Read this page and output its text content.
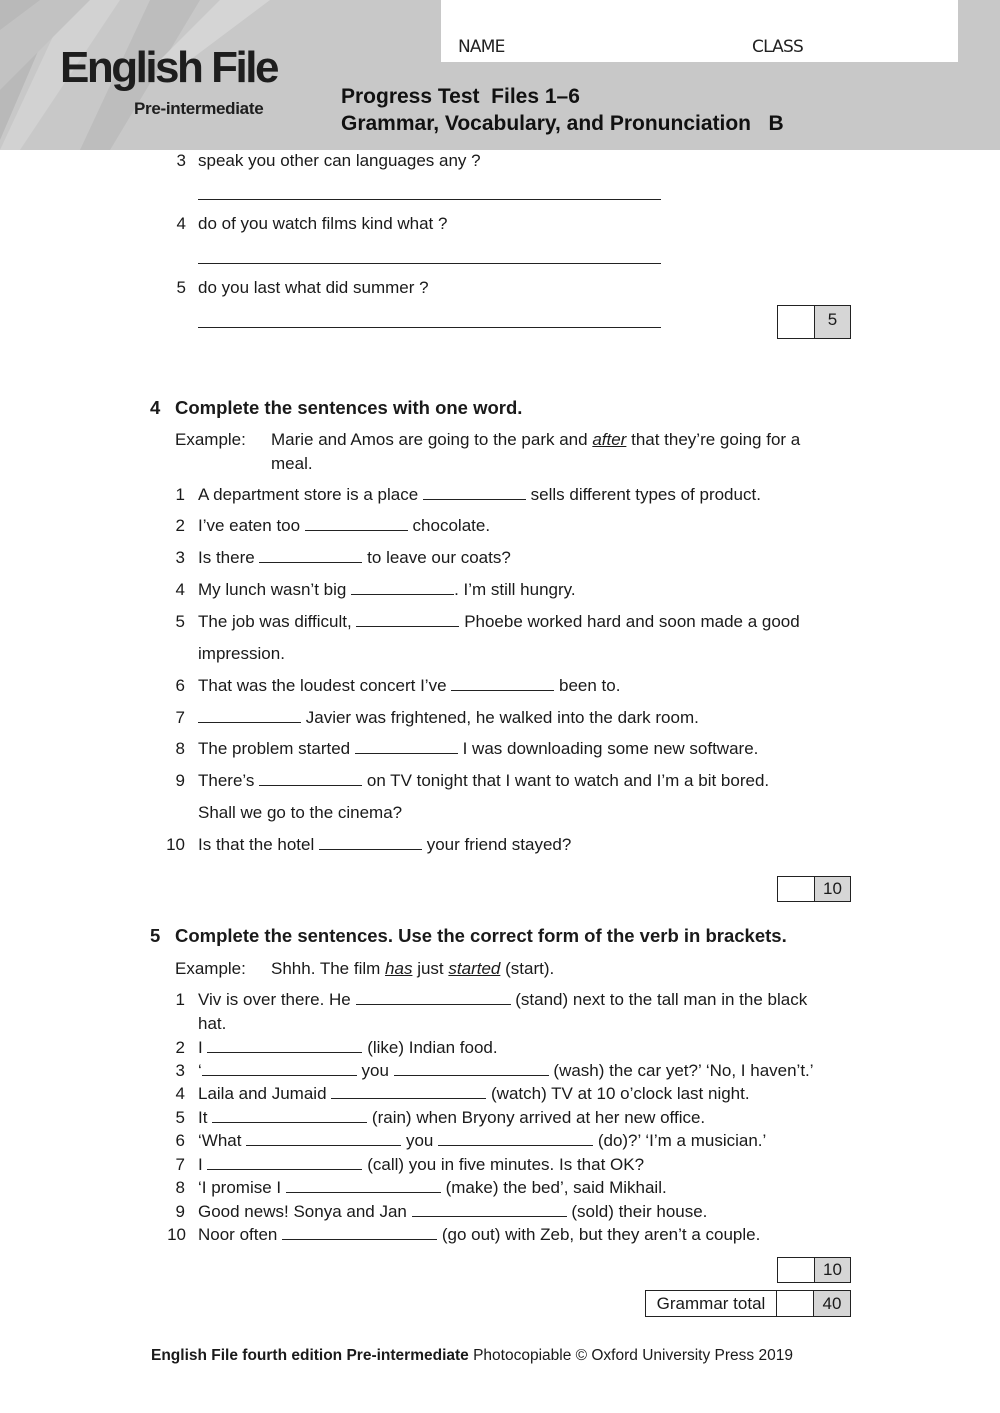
English File
Pre-intermediate
NAME	CLASS
Progress Test  Files 1–6
Grammar, Vocabulary, and Pronunciation   B
3 speak you other can languages any ?
4 do of you watch films kind what ?
5 do you last what did summer ?
5
4 Complete the sentences with one word.
Example: Marie and Amos are going to the park and after that they’re going for a
meal.
1 A department store is a place	sells different types of product.
2 I’ve eaten too	chocolate.
3 Is there	to leave our coats?
4 My lunch wasn’t big	. I’m still hungry.
5 The job was difficult,	Phoebe worked hard and soon made a good
impression.
6 That was the loudest concert I’ve	been to.
7	Javier was frightened, he walked into the dark room.
8 The problem started	I was downloading some new software.
9 There’s	on TV tonight that I want to watch and I’m a bit bored.
Shall we go to the cinema?
10 Is that the hotel	your friend stayed?
10
5 Complete the sentences. Use the correct form of the verb in brackets.
Example: Shhh. The film has just started (start).
1 Viv is over there. He	(stand) next to the tall man in the black
hat.
2 I	(like) Indian food.
3 ‘	you	(wash) the car yet?’ ‘No, I haven’t.’
4 Laila and Jumaid	(watch) TV at 10 o’clock last night.
5 It	(rain) when Bryony arrived at her new office.
6 ‘What	you	(do)?’ ‘I’m a musician.’
7 I	(call) you in five minutes. Is that OK?
8 ‘I promise I	(make) the bed’, said Mikhail.
9 Good news! Sonya and Jan	(sold) their house.
10 Noor often	(go out) with Zeb, but they aren’t a couple.
10
Grammar total	40
English File fourth edition Pre-intermediate Photocopiable © Oxford University Press 2019
